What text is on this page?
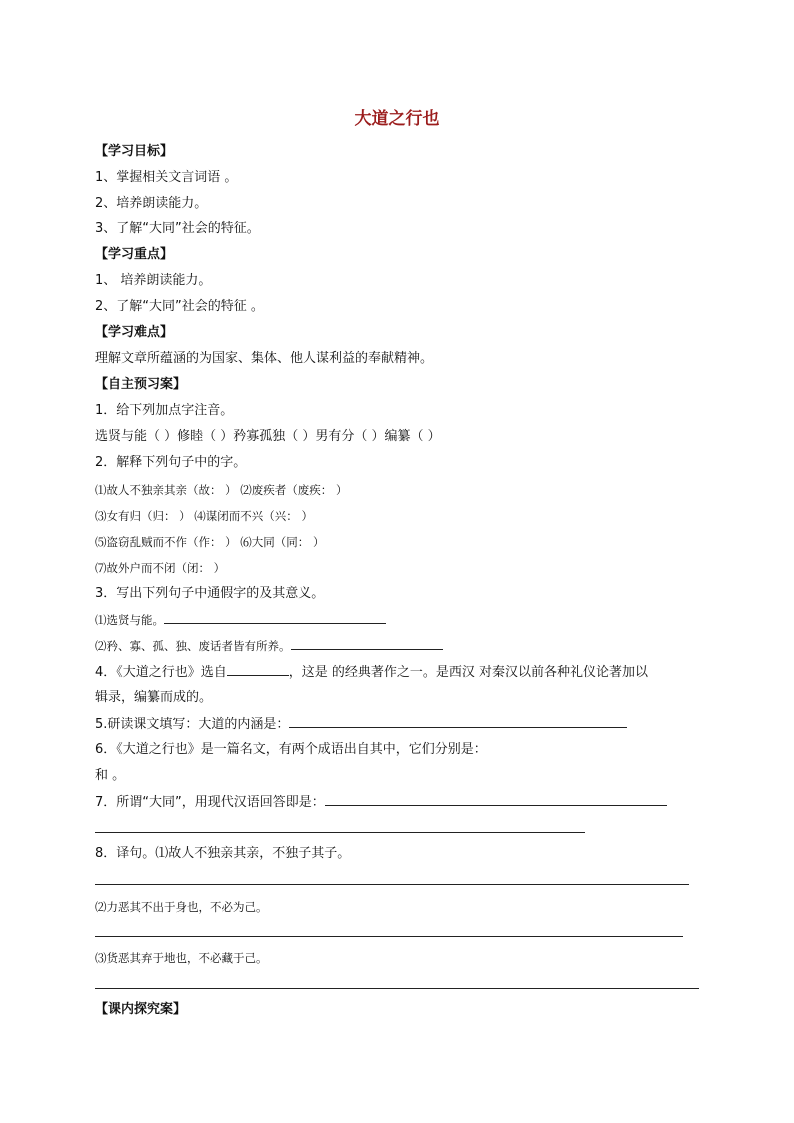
大道之行也
【学习目标】
1、掌握相关文言词语 。
2、培养朗读能力。
3、了解“大同”社会的特征。
【学习重点】
1、 培养朗读能力。
2、了解“大同”社会的特征 。
【学习难点】
理解文章所蕴涵的为国家、集体、他人谋利益的奉献精神。
【自主预习案】
1．给下列加点字注音。
选贤与能（ ）修睦（ ）矜寡孤独（ ）男有分（ ）编纂（ ）
2．解释下列句子中的字。
⑴故人不独亲其亲（故： ） ⑵废疾者（废疾： ）
⑶女有归（归： ） ⑷谋闭而不兴（兴： ）
⑸盗窃乱贼而不作（作： ） ⑹大同（同： ）
⑺故外户而不闭（闭： ）
3．写出下列句子中通假字的及其意义。
⑴选贤与能。
⑵矜、寡、孤、独、废话者皆有所养。
4．《大道之行也》选自	，这是 的经典著作之一。是西汉 对秦汉以前各种礼仪论著加以
辑录，编纂而成的。
5.研读课文填写：大道的内涵是：
6．《大道之行也》是一篇名文，有两个成语出自其中，它们分别是：
和 。
7．所谓“大同”，用现代汉语回答即是：
8．译句。⑴故人不独亲其亲，不独子其子。
⑵力恶其不出于身也，不必为己。
⑶货恶其弃于地也，不必藏于己。
【课内探究案】
